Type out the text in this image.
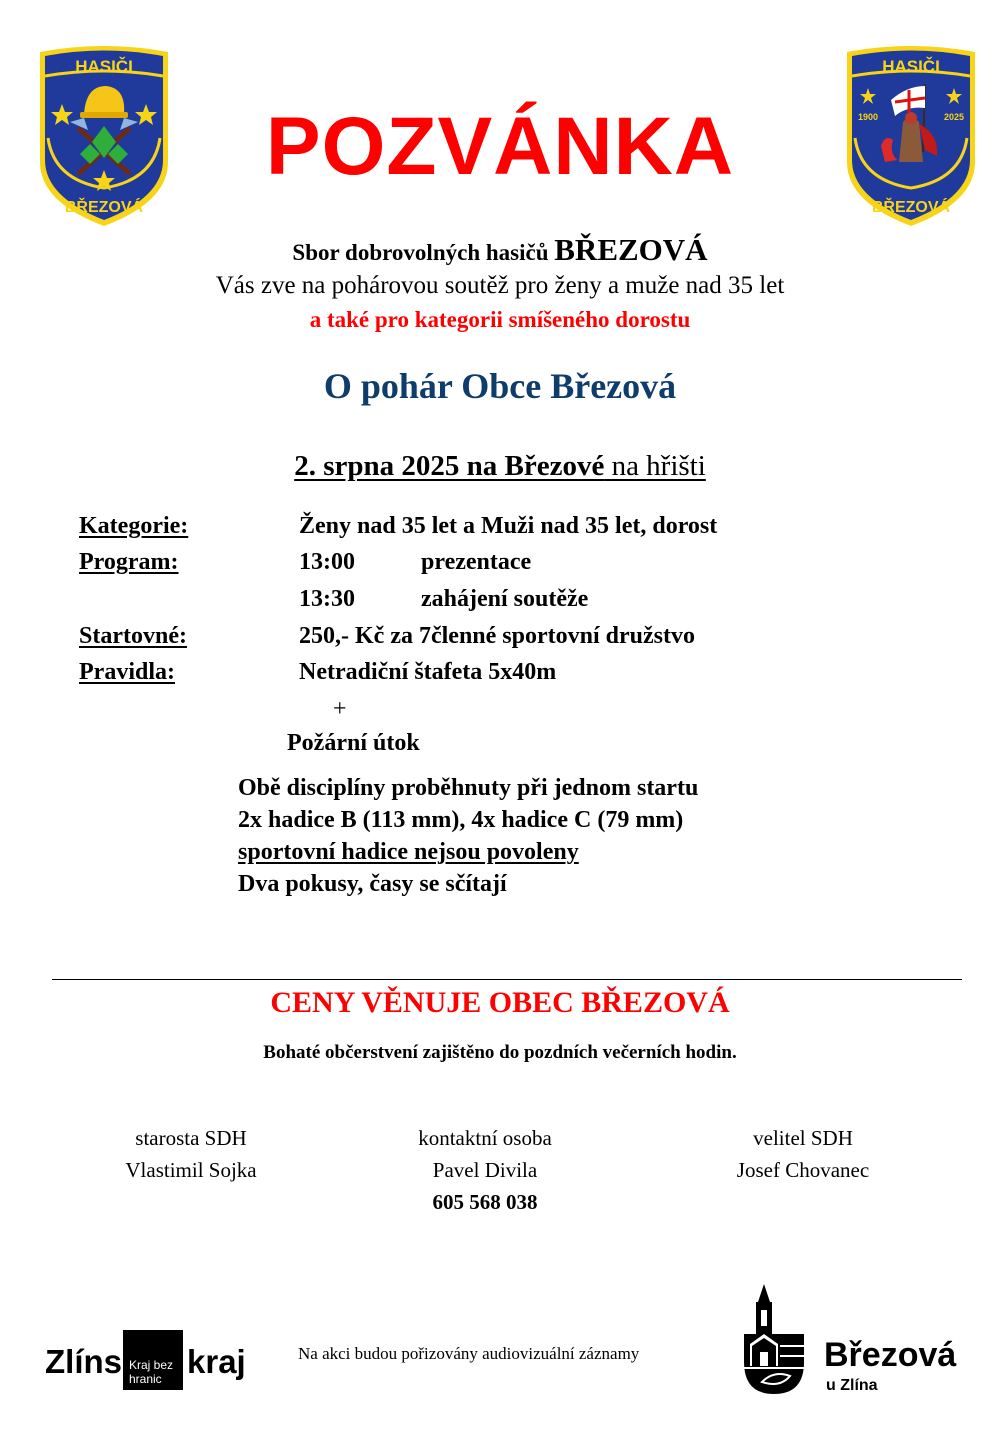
HASIČI
BŘEZOVÁ
HASIČI
BŘEZOVÁ
1900	2025
POZVÁNKA
Sbor dobrovolných hasičů BŘEZOVÁ
Vás zve na pohárovou soutěž pro ženy a muže nad 35 let
a také pro kategorii smíšeného dorostu
O pohár Obce Březová
2. srpna 2025 na Březové na hřišti
Kategorie:	Ženy nad 35 let a Muži nad 35 let, dorost
Program:	13:00	prezentace
13:30	zahájení soutěže
Startovné:	250,- Kč za 7členné sportovní družstvo
Pravidla:	Netradiční štafeta 5x40m
+
Požární útok
Obě disciplíny proběhnuty při jednom startu
2x hadice B (113 mm), 4x hadice C (79 mm)
sportovní hadice nejsou povoleny
Dva pokusy, časy se sčítají
CENY VĚNUJE OBEC BŘEZOVÁ
Bohaté občerstvení zajištěno do pozdních večerních hodin.
starosta SDH
Vlastimil Sojka
kontaktní osoba
Pavel Divila
605 568 038
velitel SDH
Josef Chovanec
Zlíns Kraj bez
hranic kraj	Na akci budou pořizovány audiovizuální záznamy	Březová
u Zlína
